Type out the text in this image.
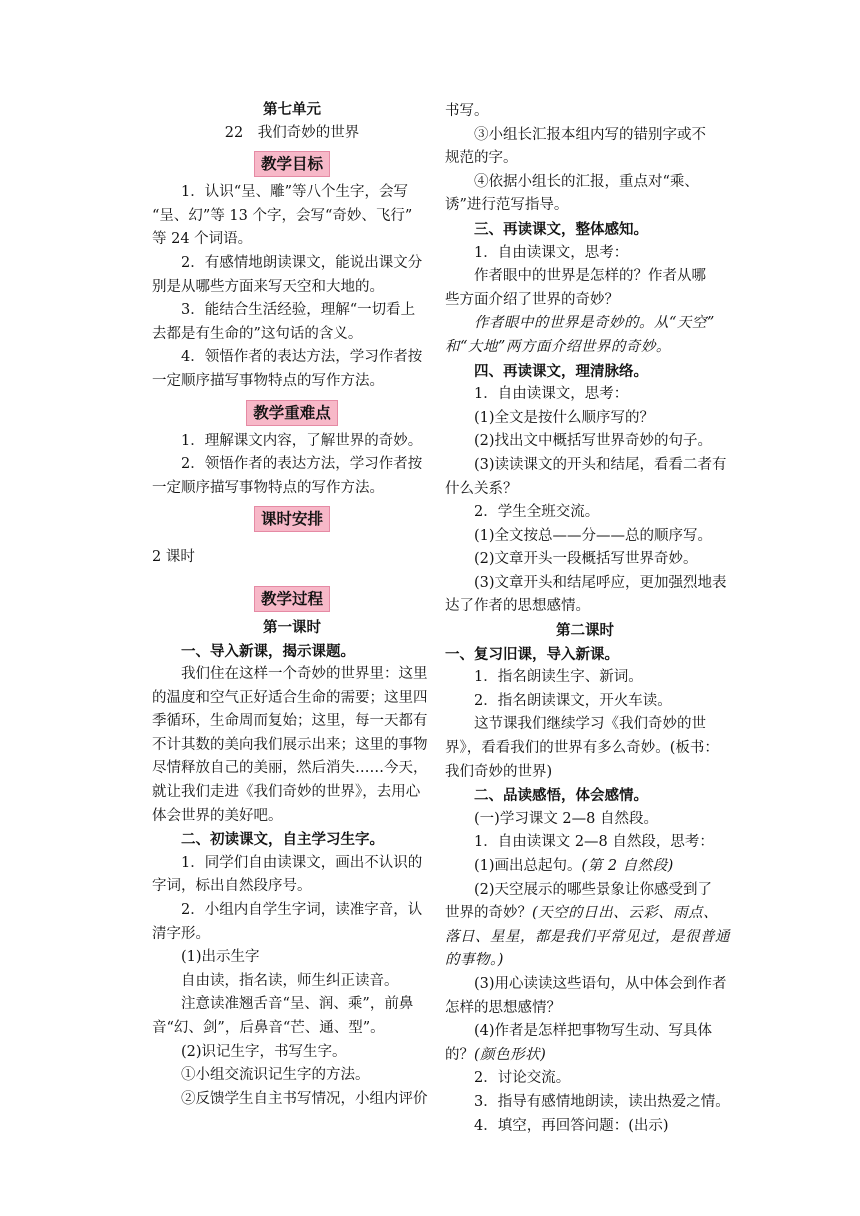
第七单元
22　我们奇妙的世界
教学目标
1．认识“呈、雕”等八个生字，会写
“呈、幻”等 13 个字，会写“奇妙、飞行”
等 24 个词语。
2．有感情地朗读课文，能说出课文分
别是从哪些方面来写天空和大地的。
3．能结合生活经验，理解“一切看上
去都是有生命的”这句话的含义。
4．领悟作者的表达方法，学习作者按
一定顺序描写事物特点的写作方法。
教学重难点
1．理解课文内容，了解世界的奇妙。
2．领悟作者的表达方法，学习作者按
一定顺序描写事物特点的写作方法。
课时安排
2 课时
教学过程
第一课时
一、导入新课，揭示课题。
我们住在这样一个奇妙的世界里：这里
的温度和空气正好适合生命的需要；这里四
季循环，生命周而复始；这里，每一天都有
不计其数的美向我们展示出来；这里的事物
尽情释放自己的美丽，然后消失……今天，
就让我们走进《我们奇妙的世界》，去用心
体会世界的美好吧。
二、初读课文，自主学习生字。
1．同学们自由读课文，画出不认识的
字词，标出自然段序号。
2．小组内自学生字词，读准字音，认
清字形。
(1)出示生字
自由读，指名读，师生纠正读音。
注意读准翘舌音“呈、润、乘”，前鼻
音“幻、剑”，后鼻音“芒、通、型”。
(2)识记生字，书写生字。
①小组交流识记生字的方法。
②反馈学生自主书写情况，小组内评价
书写。
③小组长汇报本组内写的错别字或不
规范的字。
④依据小组长的汇报，重点对“乘、
诱”进行范写指导。
三、再读课文，整体感知。
1．自由读课文，思考：
作者眼中的世界是怎样的？作者从哪
些方面介绍了世界的奇妙？
作者眼中的世界是奇妙的。从“天空”
和“大地”两方面介绍世界的奇妙。
四、再读课文，理清脉络。
1．自由读课文，思考：
(1)全文是按什么顺序写的？
(2)找出文中概括写世界奇妙的句子。
(3)读读课文的开头和结尾，看看二者有
什么关系？
2．学生全班交流。
(1)全文按总——分——总的顺序写。
(2)文章开头一段概括写世界奇妙。
(3)文章开头和结尾呼应，更加强烈地表
达了作者的思想感情。
第二课时
一、复习旧课，导入新课。
1．指名朗读生字、新词。
2．指名朗读课文，开火车读。
这节课我们继续学习《我们奇妙的世
界》，看看我们的世界有多么奇妙。(板书：
我们奇妙的世界)
二、品读感悟，体会感情。
(一)学习课文 2—8 自然段。
1．自由读课文 2—8 自然段，思考：
(1)画出总起句。(第 2 自然段)
(2)天空展示的哪些景象让你感受到了
世界的奇妙？(天空的日出、云彩、雨点、
落日、星星，都是我们平常见过，是很普通
的事物。)
(3)用心读读这些语句，从中体会到作者
怎样的思想感情？
(4)作者是怎样把事物写生动、写具体
的？(颜色形状)
2．讨论交流。
3．指导有感情地朗读，读出热爱之情。
4．填空，再回答问题：(出示)
